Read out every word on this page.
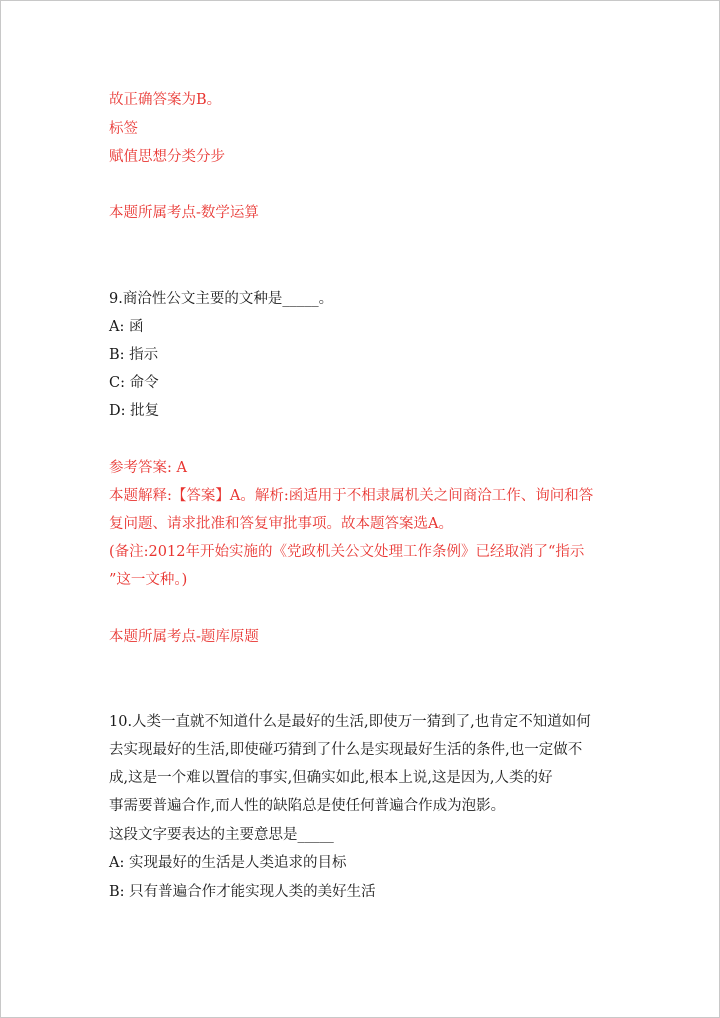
故正确答案为B。
标签
赋值思想分类分步
本题所属考点-数学运算
9.商洽性公文主要的文种是_____。
A: 函
B: 指示
C: 命令
D: 批复
参考答案: A
本题解释:【答案】A。解析:函适用于不相隶属机关之间商洽工作、询问和答
复问题、请求批准和答复审批事项。故本题答案选A。
(备注:2012年开始实施的《党政机关公文处理工作条例》已经取消了“指示
”这一文种。)
本题所属考点-题库原题
10.人类一直就不知道什么是最好的生活,即使万一猜到了,也肯定不知道如何
去实现最好的生活,即使碰巧猜到了什么是实现最好生活的条件,也一定做不
成,这是一个难以置信的事实,但确实如此,根本上说,这是因为,人类的好
事需要普遍合作,而人性的缺陷总是使任何普遍合作成为泡影。
这段文字要表达的主要意思是_____
A: 实现最好的生活是人类追求的目标
B: 只有普遍合作才能实现人类的美好生活
